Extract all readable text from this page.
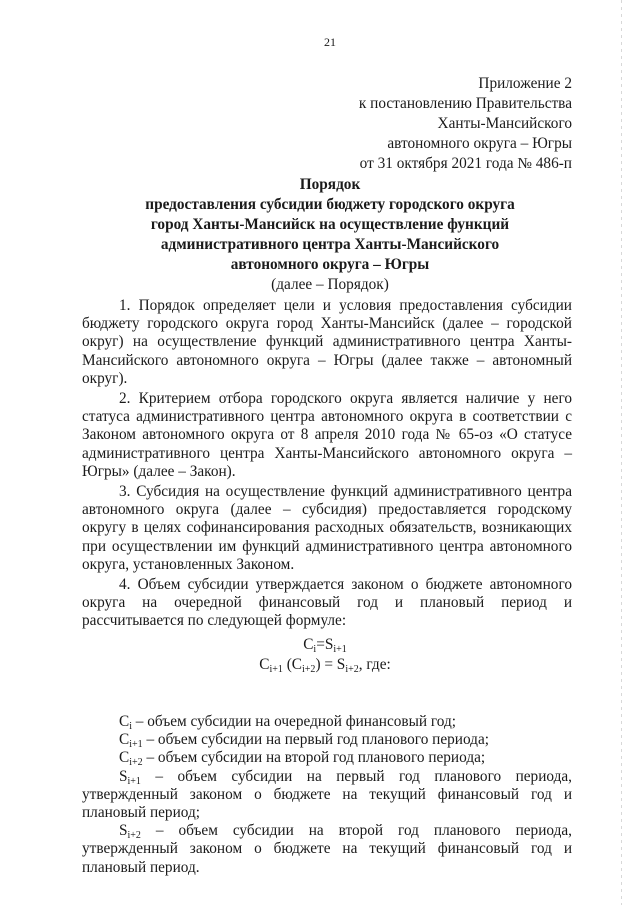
21
Приложение 2
к постановлению Правительства
Ханты-Мансийского
автономного округа – Югры
от 31 октября 2021 года № 486-п
Порядок
предоставления субсидии бюджету городского округа
город Ханты-Мансийск на осуществление функций
административного центра Ханты-Мансийского
автономного округа – Югры
(далее – Порядок)

1. Порядок определяет цели и условия предоставления субсидии бюджету городского округа город Ханты-Мансийск (далее – городской округ) на осуществление функций административного центра Ханты-Мансийского автономного округа – Югры (далее также – автономный округ).

2. Критерием отбора городского округа является наличие у него статуса административного центра автономного округа в соответствии с Законом автономного округа от 8 апреля 2010 года № 65-оз «О статусе административного центра Ханты-Мансийского автономного округа – Югры» (далее – Закон).

3. Субсидия на осуществление функций административного центра автономного округа (далее – субсидия) предоставляется городскому округу в целях софинансирования расходных обязательств, возникающих при осуществлении им функций административного центра автономного округа, установленных Законом.

4. Объем субсидии утверждается законом о бюджете автономного округа на очередной финансовый год и плановый период и рассчитывается по следующей формуле:

$C_i=S_{i+1}$
$C_{i+1}$ $(C_{i+2}) = S_{i+2}$, где:

$C_i$ – объем субсидии на очередной финансовый год;

$C_{i+1}$ – объем субсидии на первый год планового периода;

$C_{i+2}$ – объем субсидии на второй год планового периода;

$S_{i+1}$ – объем субсидии на первый год планового периода, утвержденный законом о бюджете на текущий финансовый год и плановый период;

$S_{i+2}$ – объем субсидии на второй год планового периода, утвержденный законом о бюджете на текущий финансовый год и плановый период.
